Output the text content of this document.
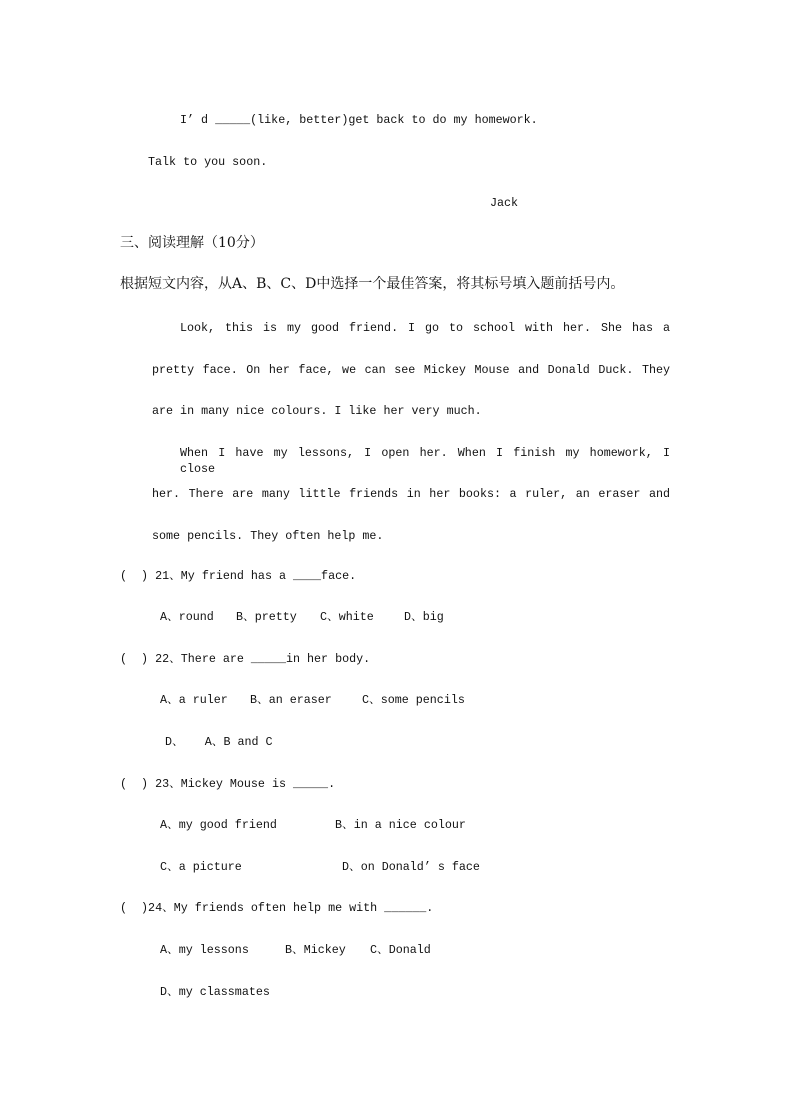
I’ d _____(like, better)get back to do my homework.
Talk to you soon.
Jack
三、阅读理解（10分）
根据短文内容，从A、B、C、D中选择一个最佳答案，将其标号填入题前括号内。
Look, this is my good friend. I go to school with her. She has a
pretty face. On her face, we can see Mickey Mouse and Donald Duck. They
are in many nice colours. I like her very much.
When I have my lessons, I open her. When I finish my homework, I close
her. There are many little friends in her books: a ruler, an eraser and
some pencils. They often help me.
(  ) 21、My friend has a ____face.
A、round B、pretty C、white	D、big
(  ) 22、There are _____in her body.
A、a ruler B、an eraser	C、some pencils
D、   A、B and C
(  ) 23、Mickey Mouse is _____.
A、my good friend	B、in a nice colour
C、a picture	D、on Donald’ s face
(  )24、My friends often help me with ______.
A、my lessons	B、Mickey C、Donald
D、my classmates
